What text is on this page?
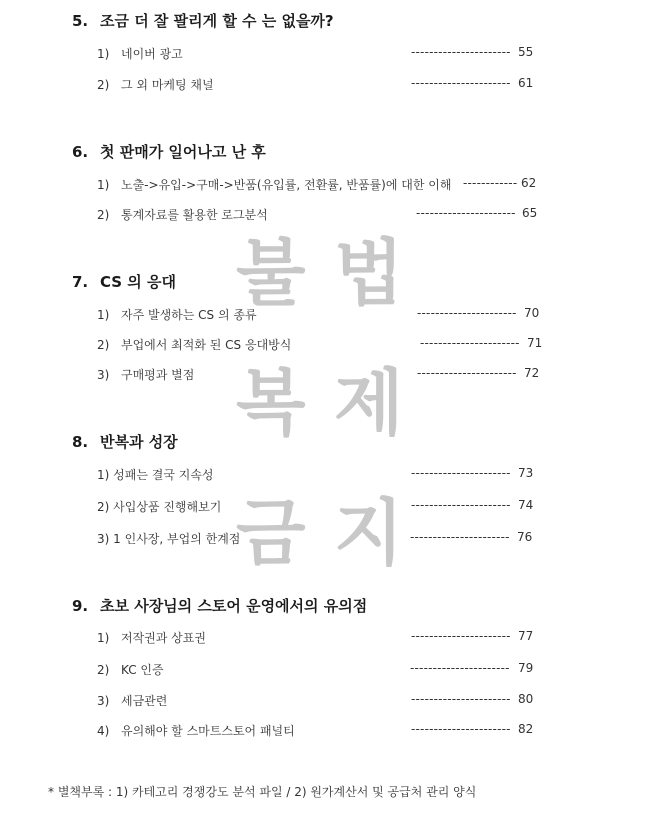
불 법
복 제
금 지
5. 조금 더 잘 팔리게 할 수 는 없을까?
1) 네이버 광고	---------------------- 55
2) 그 외 마케팅 채널	---------------------- 61
6. 첫 판매가 일어나고 난 후
1) 노출->유입->구매->반품(유입률, 전환률, 반품률)에 대한 이해 ------------ 62
2) 통계자료를 활용한 로그분석	---------------------- 65
7. CS 의 응대
1) 자주 발생하는 CS 의 종류	---------------------- 70
2) 부업에서 최적화 된 CS 응대방식	---------------------- 71
3) 구매평과 별점	---------------------- 72
8. 반복과 성장
1) 성패는 결국 지속성	---------------------- 73
2) 사입상품 진행해보기	---------------------- 74
3) 1 인사장, 부업의 한계점	---------------------- 76
9. 초보 사장님의 스토어 운영에서의 유의점
1) 저작권과 상표권	---------------------- 77
2) KC 인증	---------------------- 79
3) 세금관련	---------------------- 80
4) 유의해야 할 스마트스토어 패널티	---------------------- 82
* 별책부록 : 1) 카테고리 경쟁강도 분석 파일 / 2) 원가계산서 및 공급처 관리 양식
